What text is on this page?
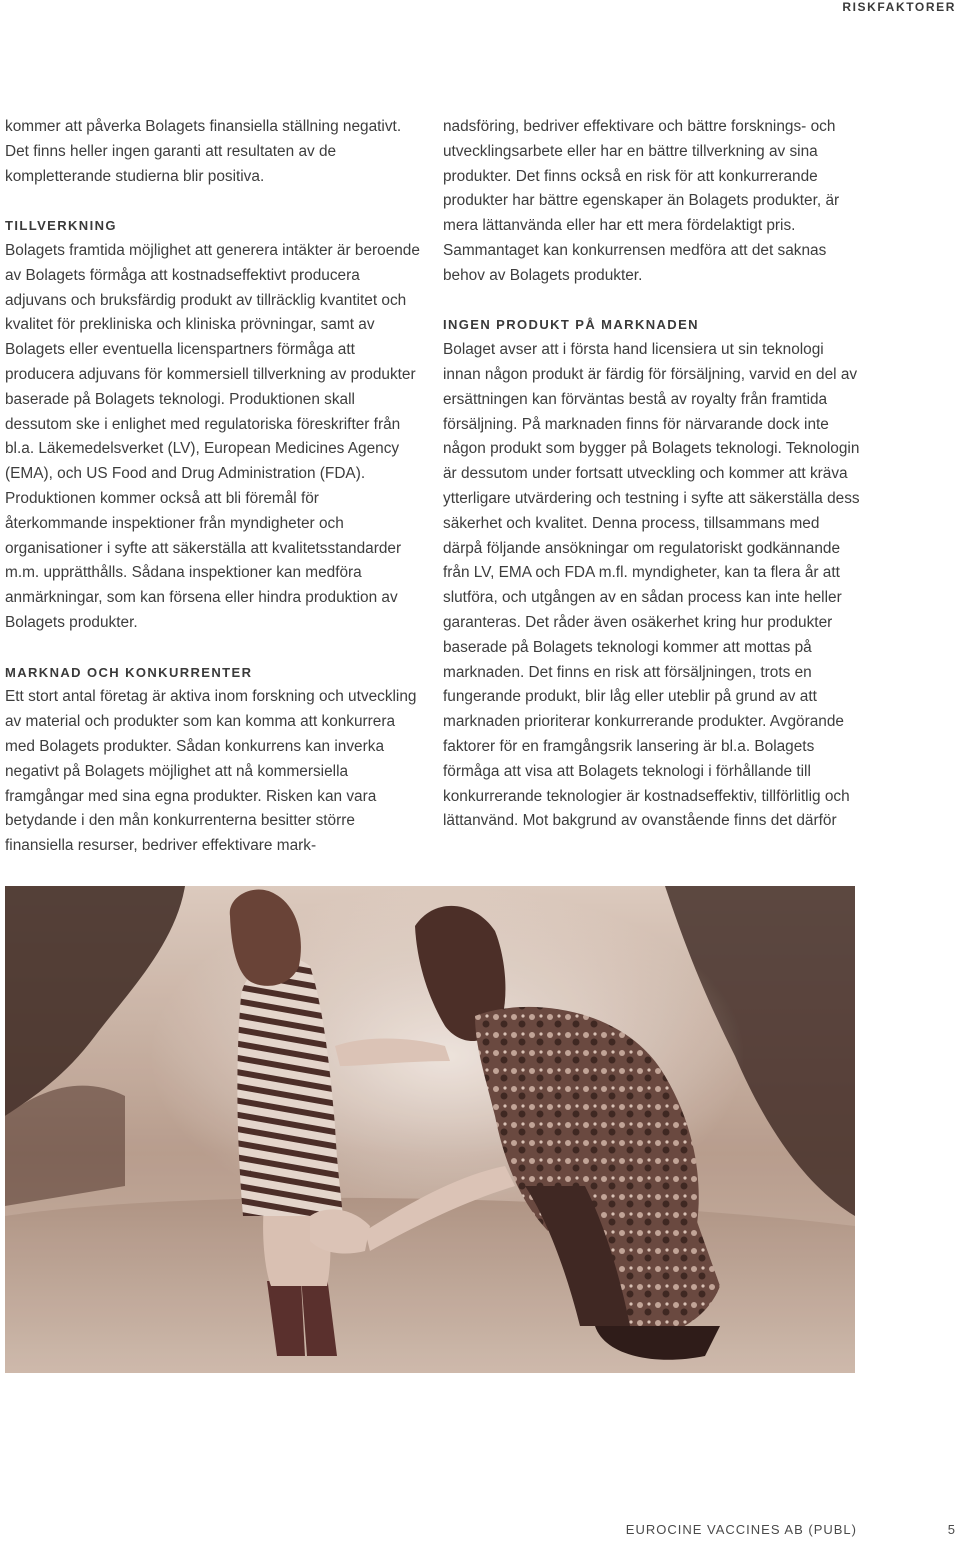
RISKFAKTORER

kommer att påverka Bolagets finansiella ställning negativt. Det finns heller ingen garanti att resultaten av de kompletterande studierna blir positiva.

TILLVERKNING

Bolagets framtida möjlighet att generera intäkter är beroende av Bolagets förmåga att kostnadseffektivt producera adjuvans och bruksfärdig produkt av tillräcklig kvantitet och kvalitet för prekliniska och kliniska prövningar, samt av Bolagets eller eventuella licenspartners förmåga att producera adjuvans för kommersiell tillverkning av produkter baserade på Bolagets teknologi. Produktionen skall dessutom ske i enlighet med regulatoriska föreskrifter från bl.a. Läkemedelsverket (LV), European Medicines Agency (EMA), och US Food and Drug Administration (FDA). Produktionen kommer också att bli föremål för återkommande inspektioner från myndigheter och organisationer i syfte att säkerställa att kvalitetsstandarder m.m. upprätthålls. Sådana inspektioner kan medföra anmärkningar, som kan försena eller hindra produktion av Bolagets produkter.

MARKNAD OCH KONKURRENTER

Ett stort antal företag är aktiva inom forskning och utveckling av material och produkter som kan komma att konkurrera med Bolagets produkter. Sådan konkurrens kan inverka negativt på Bolagets möjlighet att nå kommersiella framgångar med sina egna produkter. Risken kan vara betydande i den mån konkurrenterna besitter större finansiella resurser, bedriver effektivare mark-

nadsföring, bedriver effektivare och bättre forsknings- och utvecklingsarbete eller har en bättre tillverkning av sina produkter. Det finns också en risk för att konkurrerande produkter har bättre egenskaper än Bolagets produkter, är mera lättanvända eller har ett mera fördelaktigt pris. Sammantaget kan konkurrensen medföra att det saknas behov av Bolagets produkter.

INGEN PRODUKT PÅ MARKNADEN

Bolaget avser att i första hand licensiera ut sin teknologi innan någon produkt är färdig för försäljning, varvid en del av ersättningen kan förväntas bestå av royalty från framtida försäljning. På marknaden finns för närvarande dock inte någon produkt som bygger på Bolagets teknologi. Teknologin är dessutom under fortsatt utveckling och kommer att kräva ytterligare utvärdering och testning i syfte att säkerställa dess säkerhet och kvalitet. Denna process, tillsammans med därpå följande ansökningar om regulatoriskt godkännande från LV, EMA och FDA m.fl. myndigheter, kan ta flera år att slutföra, och utgången av en sådan process kan inte heller garanteras. Det råder även osäkerhet kring hur produkter baserade på Bolagets teknologi kommer att mottas på marknaden. Det finns en risk att försäljningen, trots en fungerande produkt, blir låg eller uteblir på grund av att marknaden prioriterar konkurrerande produkter. Avgörande faktorer för en framgångsrik lansering är bl.a. Bolagets förmåga att visa att Bolagets teknologi i förhållande till konkurrerande teknologier är kostnadseffektiv, tillförlitlig och lättanvänd. Mot bakgrund av ovanstående finns det därför

EUROCINE VACCINES AB (PUBL)	5
